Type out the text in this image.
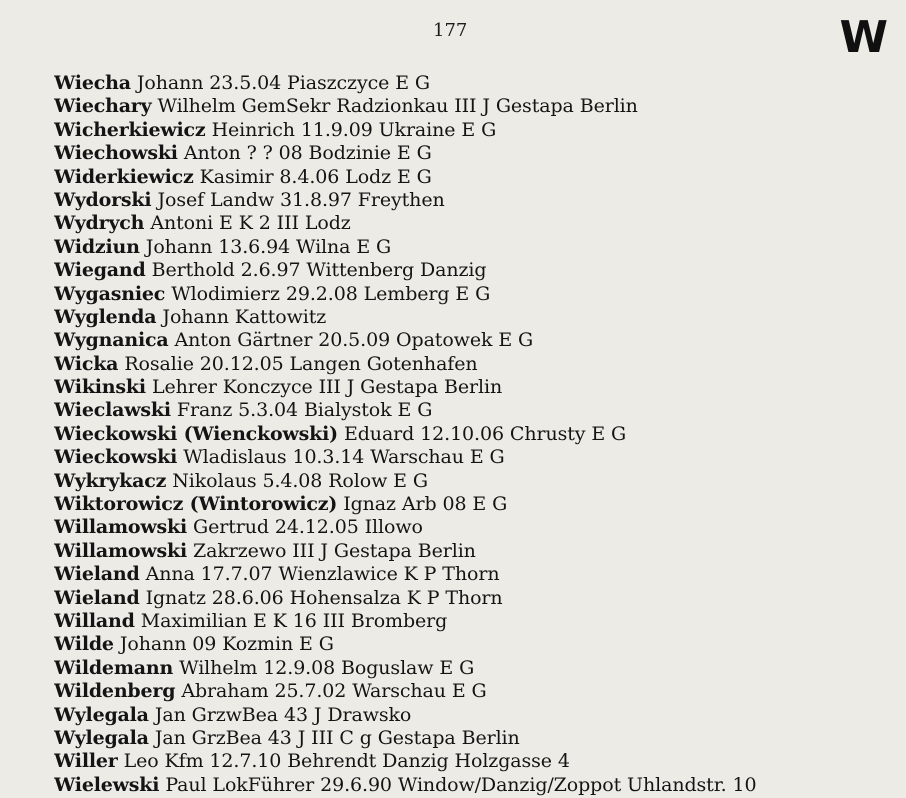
177	W
Wiecha Johann 23.5.04 Piaszczyce E G
Wiechary Wilhelm GemSekr Radzionkau III J Gestapa Berlin
Wicherkiewicz Heinrich 11.9.09 Ukraine E G
Wiechowski Anton ? ? 08 Bodzinie E G
Widerkiewicz Kasimir 8.4.06 Lodz E G
Wydorski Josef Landw 31.8.97 Freythen
Wydrych Antoni E K 2 III Lodz
Widziun Johann 13.6.94 Wilna E G
Wiegand Berthold 2.6.97 Wittenberg Danzig
Wygasniec Wlodimierz 29.2.08 Lemberg E G
Wyglenda Johann Kattowitz
Wygnanica Anton Gärtner 20.5.09 Opatowek E G
Wicka Rosalie 20.12.05 Langen Gotenhafen
Wikinski Lehrer Konczyce III J Gestapa Berlin
Wieclawski Franz 5.3.04 Bialystok E G
Wieckowski (Wienckowski) Eduard 12.10.06 Chrusty E G
Wieckowski Wladislaus 10.3.14 Warschau E G
Wykrykacz Nikolaus 5.4.08 Rolow E G
Wiktorowicz (Wintorowicz) Ignaz Arb 08 E G
Willamowski Gertrud 24.12.05 Illowo
Willamowski Zakrzewo III J Gestapa Berlin
Wieland Anna 17.7.07 Wienzlawice K P Thorn
Wieland Ignatz 28.6.06 Hohensalza K P Thorn
Willand Maximilian E K 16 III Bromberg
Wilde Johann 09 Kozmin E G
Wildemann Wilhelm 12.9.08 Boguslaw E G
Wildenberg Abraham 25.7.02 Warschau E G
Wylegala Jan GrzwBea 43 J Drawsko
Wylegala Jan GrzBea 43 J III C g Gestapa Berlin
Willer Leo Kfm 12.7.10 Behrendt Danzig Holzgasse 4
Wielewski Paul LokFührer 29.6.90 Window/Danzig/Zoppot Uhlandstr. 10
